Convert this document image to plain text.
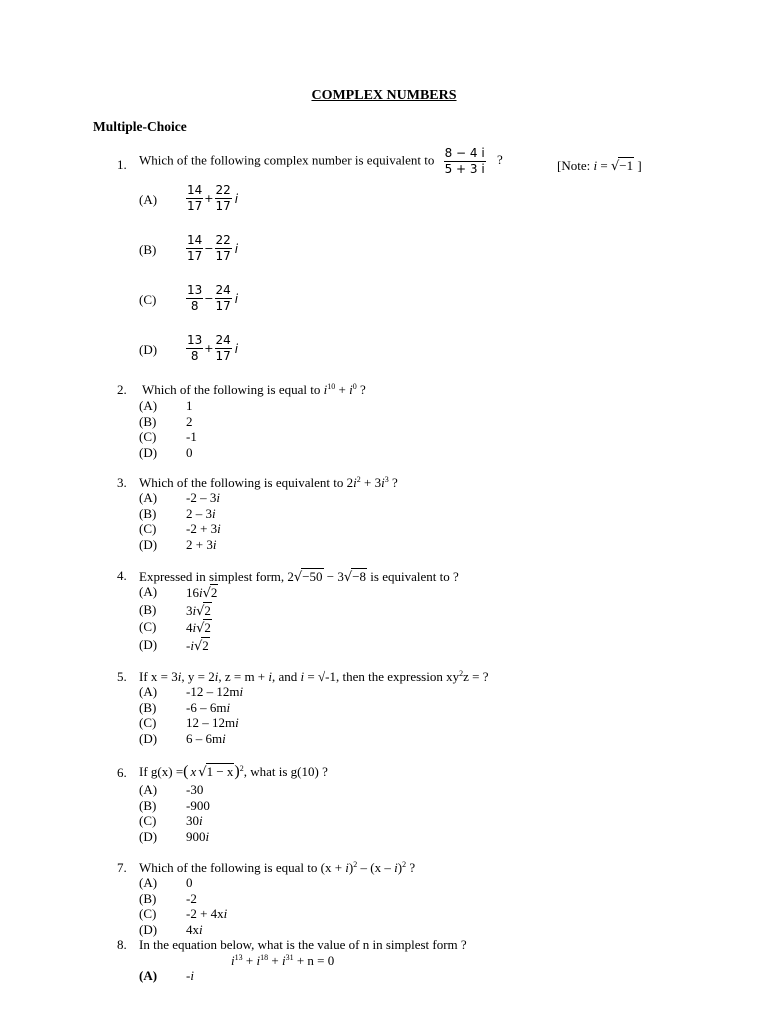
COMPLEX NUMBERS
Multiple-Choice
1. Which of the following complex number is equivalent to $\frac{8 - 4 i}{5 + 3 i}$ ?	[Note: i = √−1 ]
$(A) \frac{14}{17} + \frac{22}{17}$ i
$(B) \frac{14}{17} - \frac{22}{17}$ i
$(C) \frac{13}{8} - \frac{24}{17}$ i
$(D) \frac{13}{8} + \frac{24}{17}$ i
2. Which of the following is equal to $i^{10} + i^0$ ?
(A) 1
(B) 2
(C) -1
(D) 0
3. Which of the following is equivalent to $2i^2 + 3i^3$ ?
(A) -2 – 3i
(B) 2 – 3i
(C) -2 + 3i
(D) 2 + 3i
4. Expressed in simplest form, 2√−50 − 3√−8 is equivalent to ?
(A) 16i√2
(B) 3i√2
(C) 4i√2
(D) -i√2
5. If x = 3i, y = 2i, z = m + i, and i = √-1, then the expression $xy^2z$ = ?
(A) -12 – 12mi
(B) -6 – 6mi
(C) 12 – 12mi
(D) 6 – 6mi
6. If g(x) =( x √1 − x)$^2$, what is g(10) ?
(A) -30
(B) -900
(C) 30i
(D) 900i
7. Which of the following is equal to $(x + i)^2 - (x - i)^2$ ?
(A) 0
(B) -2
(C) -2 + 4xi
(D) 4xi
8. In the equation below, what is the value of n in simplest form ?
$i^{13} + i^{18} + i^{31} + n = 0$
(A) -i
